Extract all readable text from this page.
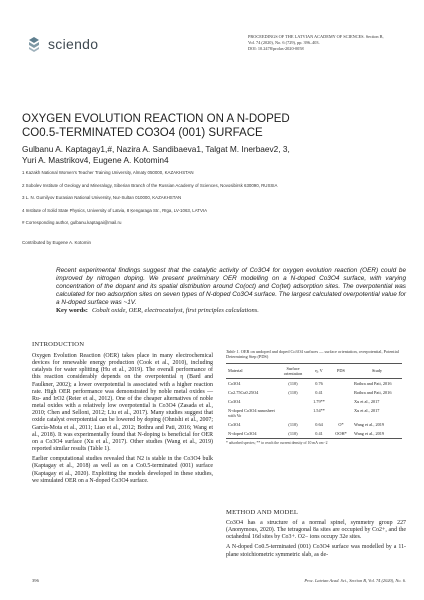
sciendo	PROCEEDINGS OF THE LATVIAN ACADEMY OF SCIENCES. Section B,
Vol. 74 (2020), No. 6 (729), pp. 396–403.
DOI: 10.2478/prolas-2020-0058
OXYGEN EVOLUTION REACTION ON A N-DOPED
CO0.5-TERMINATED CO3O4 (001) SURFACE
Gulbanu A. Kaptagay1,#, Nazira A. Sandibaeva1, Talgat M. Inerbaev2, 3,
Yuri A. Mastrikov4, Eugene A. Kotomin4
1 Kazakh National Women's Teacher Training University, Almaty 050000, KAZAKHSTAN
2 Sobolev Institute of Geology and Mineralogy, Siberian Branch of the Russian Academy of Sciences, Novosibirsk 630090, RUSSIA
3 L. N. Gumilyov Eurasian National University, Nur-Sultan 010000, KAZAKHSTAN
4 Institute of Solid State Physics, University of Latvia, 8 Ķengaraga Str., Rīga, LV-1063, LATVIA
# Corresponding author, gulbanu.kaptagai@mail.ru
Contributed by Eugene A. Kotomin
Recent experimental findings suggest that the catalytic activity of Co3O4 for oxygen evolution reaction (OER) could be improved by nitrogen doping. We present preliminary OER modelling on a N-doped Co3O4 surface, with varying concentration of the dopant and its spatial distribution around Co(oct) and Co(tet) adsorption sites. The overpotential was calculated for two adsorption sites on seven types of N-doped Co3O4 surface. The largest calculated overpotential value for a N-doped surface was ~1V.
Key words: Cobalt oxide, OER, electrocatalyst, first principles calculations.
INTRODUCTION

Oxygen Evolution Reaction (OER) takes place in many electrochemical devices for renewable energy production (Cook et al., 2010), including catalysts for water splitting (Hu et al., 2019). The overall performance of this reaction considerably depends on the overpotential η (Bard and Faulkner, 2002); a lower overpotential is associated with a higher reaction rate. High OER performance was demonstrated by noble metal oxides — Ru- and IrO2 (Reier et al., 2012). One of the cheaper alternatives of noble metal oxides with a relatively low overpotential is Co3O4 (Zasada et al., 2010; Chen and Selloni, 2012; Liu et al., 2017). Many studies suggest that oxide catalyst overpotential can be lowered by doping (Ohnishi et al., 2007; García-Mota et al., 2011; Liao et al., 2012; Bothra and Pati, 2016; Wang et al., 2018). It was experimentally found that N-doping is beneficial for OER on a Co3O4 surface (Xu et al., 2017). Other studies (Wang et al., 2019) reported similar results (Table 1).

Earlier computational studies revealed that N2 is stable in the Co3O4 bulk (Kaptagay et al., 2018) as well as on a Co0.5-terminated (001) surface (Kaptagay et al., 2020). Exploiting the models developed in these studies, we simulated OER on a N-doped Co3O4 surface.

Table 1. OER on undoped and doped Co3O4 surfaces — surface orientation, overpotential, Potential Determining Step (PDS)
Material	Surface orientation	η, V	PDS	Study
Co3O4	(110)	0.76		Bothra and Pati, 2016
Co2.75Cu0.25O4	(110)	0.41		Bothra and Pati, 2016
Co3O4		1.79**		Xu et al., 2017
N-doped Co3O4 nanosheet with Vo		1.54**		Xu et al., 2017
Co3O4	(110)	0.64	O*	Wang et al., 2019
N-doped Co3O4	(110)	0.41	OOH*	Wang et al., 2019
* adsorbed species; ** to reach the current density of 10 mA cm−2
METHOD AND MODEL

Co3O4 has a structure of a normal spinel, symmetry group 227 (Anonymous, 2020). The tetragonal 8a sites are occupied by Co2+, and the octahedral 16d sites by Co3+. O2− ions occupy 32e sites.

A N-doped Co0.5-terminated (001) Co3O4 surface was modelled by a 11-plane stoichiometric symmetric slab, as de-

396	Proc. Latvian Acad. Sci., Section B, Vol. 74 (2020), No. 6.
